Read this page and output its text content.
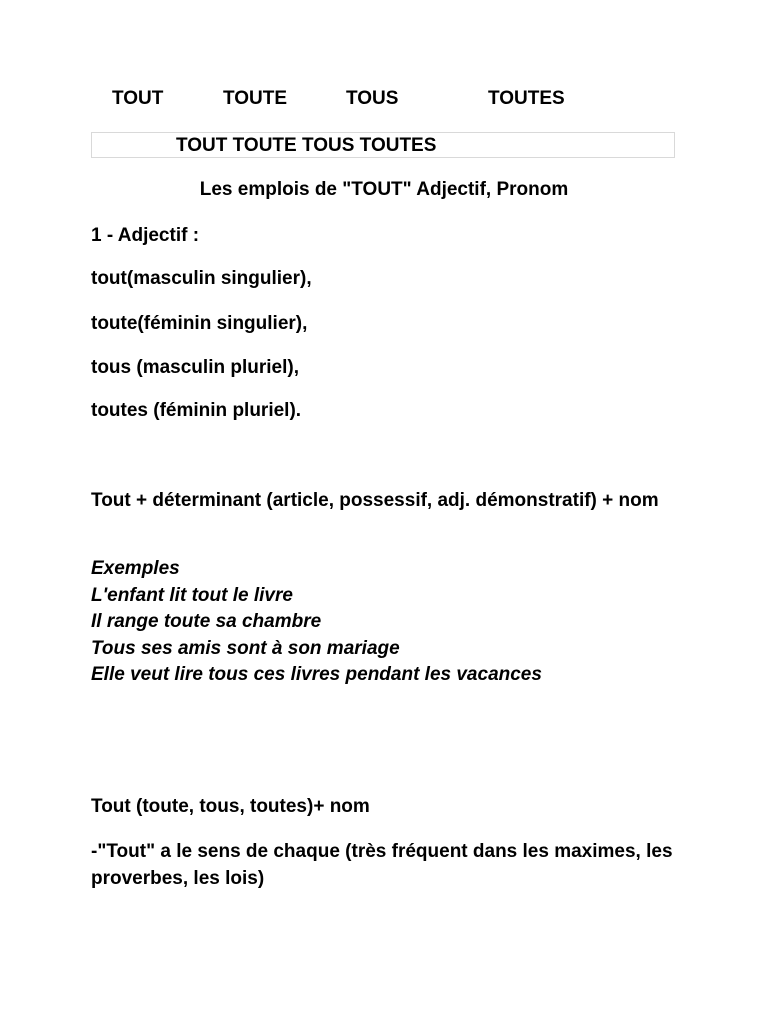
TOUT	TOUTE	TOUS	TOUTES
TOUT TOUTE TOUS TOUTES
Les emplois de "TOUT" Adjectif, Pronom
1 - Adjectif :
tout(masculin singulier),
toute(féminin singulier),
tous (masculin pluriel),
toutes (féminin pluriel).
Tout + déterminant (article, possessif, adj. démonstratif) + nom
Exemples
L'enfant lit tout le livre
Il range toute sa chambre
Tous ses amis sont à son mariage
Elle veut lire tous ces livres pendant les vacances
Tout (toute, tous, toutes)+ nom
-"Tout" a le sens de chaque (très fréquent dans les maximes, les proverbes, les lois)
